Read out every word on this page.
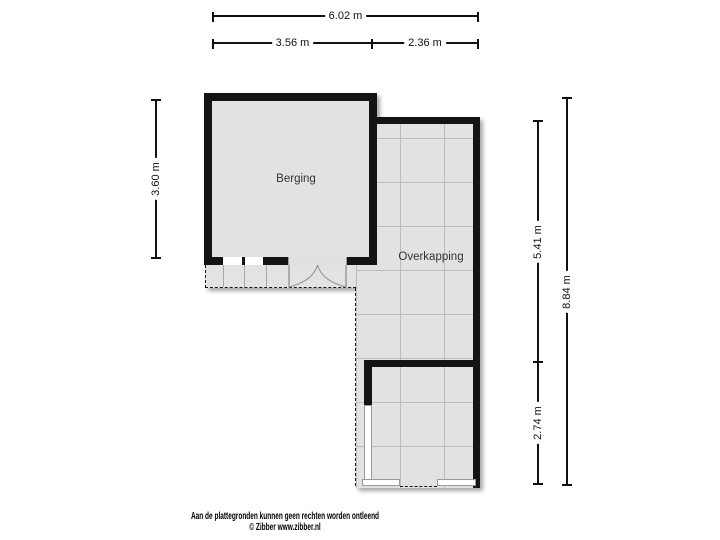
Berging
Overkapping
6.02 m
3.56 m	2.36 m
3.60 m
5.41 m
2.74 m
8.84 m
Aan de plattegronden kunnen geen rechten worden ontleend
© Zibber www.zibber.nl
